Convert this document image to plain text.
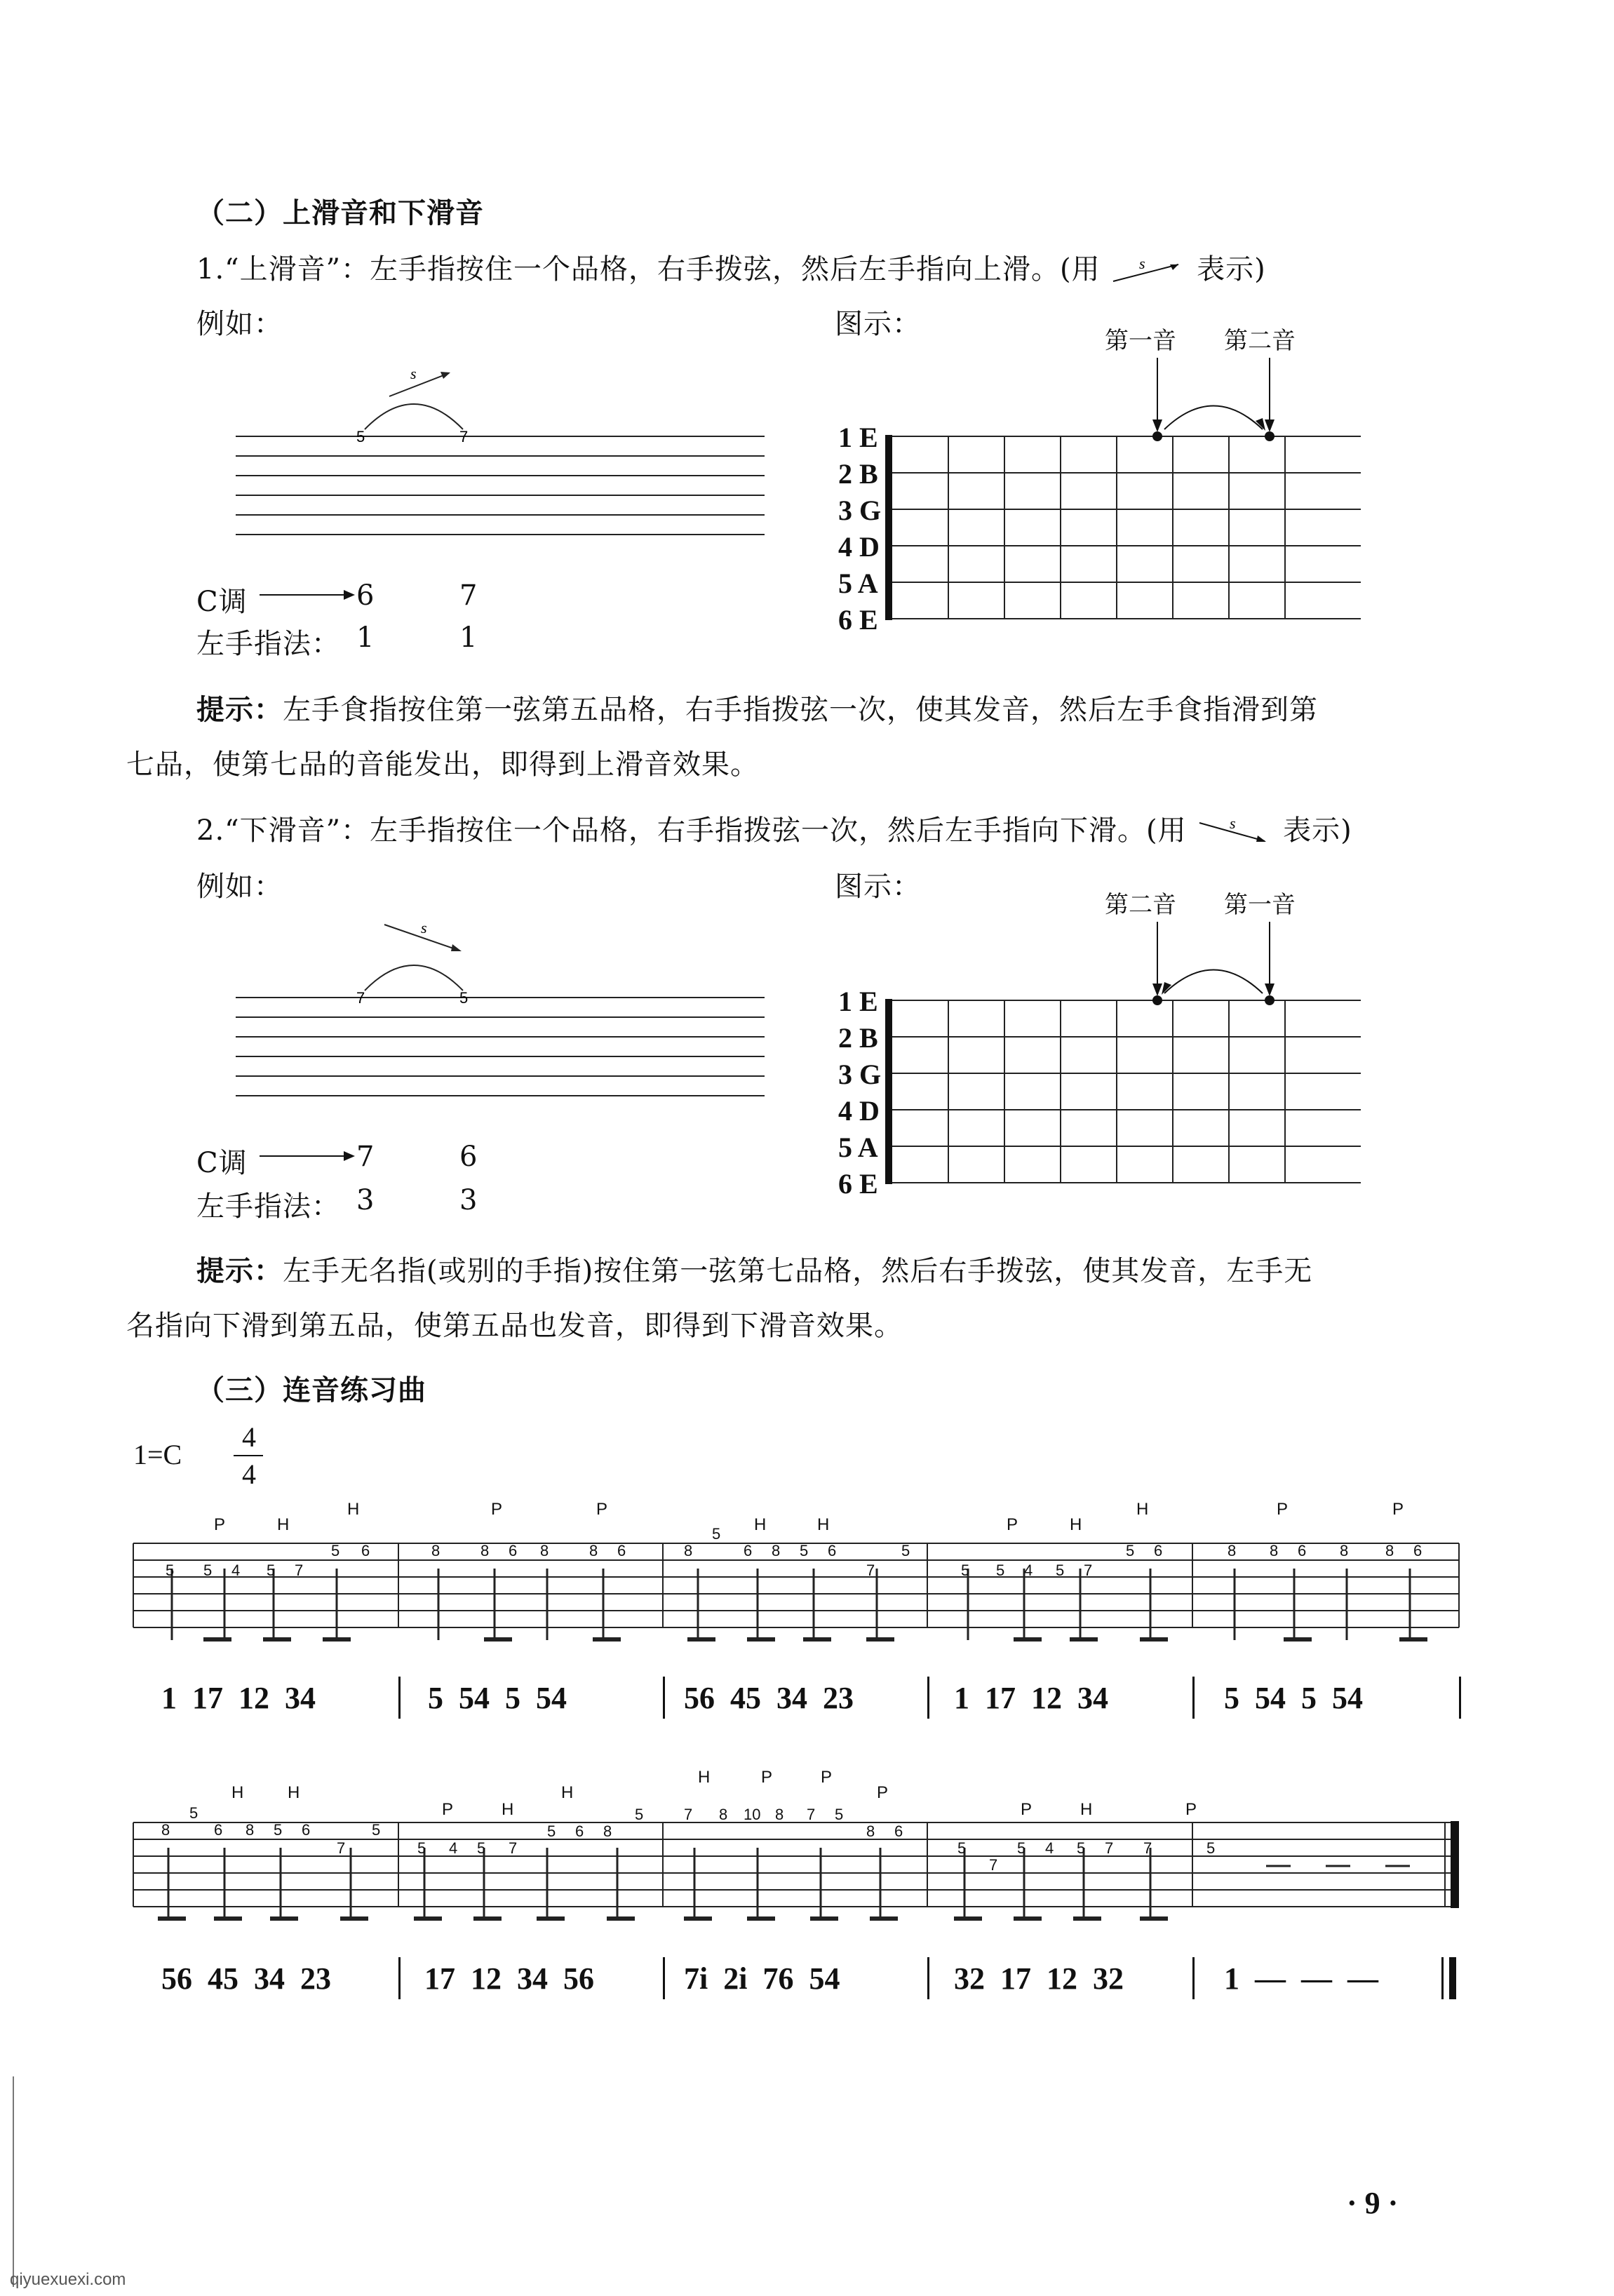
（二）上滑音和下滑音
1.“上滑音”：左手指按住一个品格，右手拨弦，然后左手指向上滑。(用	s 表示)
例如：	图示：
第一音 第二音
s
5	7	1 E
2 B
3 G
4 D
5 A
6 E
C调	6	7
左手指法： 1	1
提示：左手食指按住第一弦第五品格，右手指拨弦一次，使其发音，然后左手食指滑到第
七品，使第七品的音能发出，即得到上滑音效果。
2.“下滑音”：左手指按住一个品格，右手指拨弦一次，然后左手指向下滑。(用	s 表示)
例如：	图示：
第二音 第一音
s
7	5	1 E
2 B
3 G
4 D
5 A
6 E
C调	7	6
左手指法： 3	3
提示：左手无名指(或别的手指)按住第一弦第七品格，然后右手拨弦，使其发音，左手无
名指向下滑到第五品，使第五品也发音，即得到下滑音效果。
（三）连音练习曲
1=C
4
4
P	H
H
5 5 4 5 7
5 6
P	P
8	8 6 8	8 6
H	H
8
5
6 8 5 6
7
5
P	H
H
5 5 4 5 7
5 6
P	P
8 8 6 8 8 6
1  17  12  34	5  54  5  54	56  45  34  23	1  17  12  34	5  54  5  54
H	H
8
5
6 8 5 6
7
5
P	H
H
5 4 5 7
5 6 8
5
H	P	P
P
7 8 10 8 7 5
8 6
P	H	P
5
7
5 4 5 7 7	5
56  45  34  23	17  12  34  56	7i  2i  76  54	32  17  12  32	1  —  —  —
· 9 ·
qiyuexuexi.com
